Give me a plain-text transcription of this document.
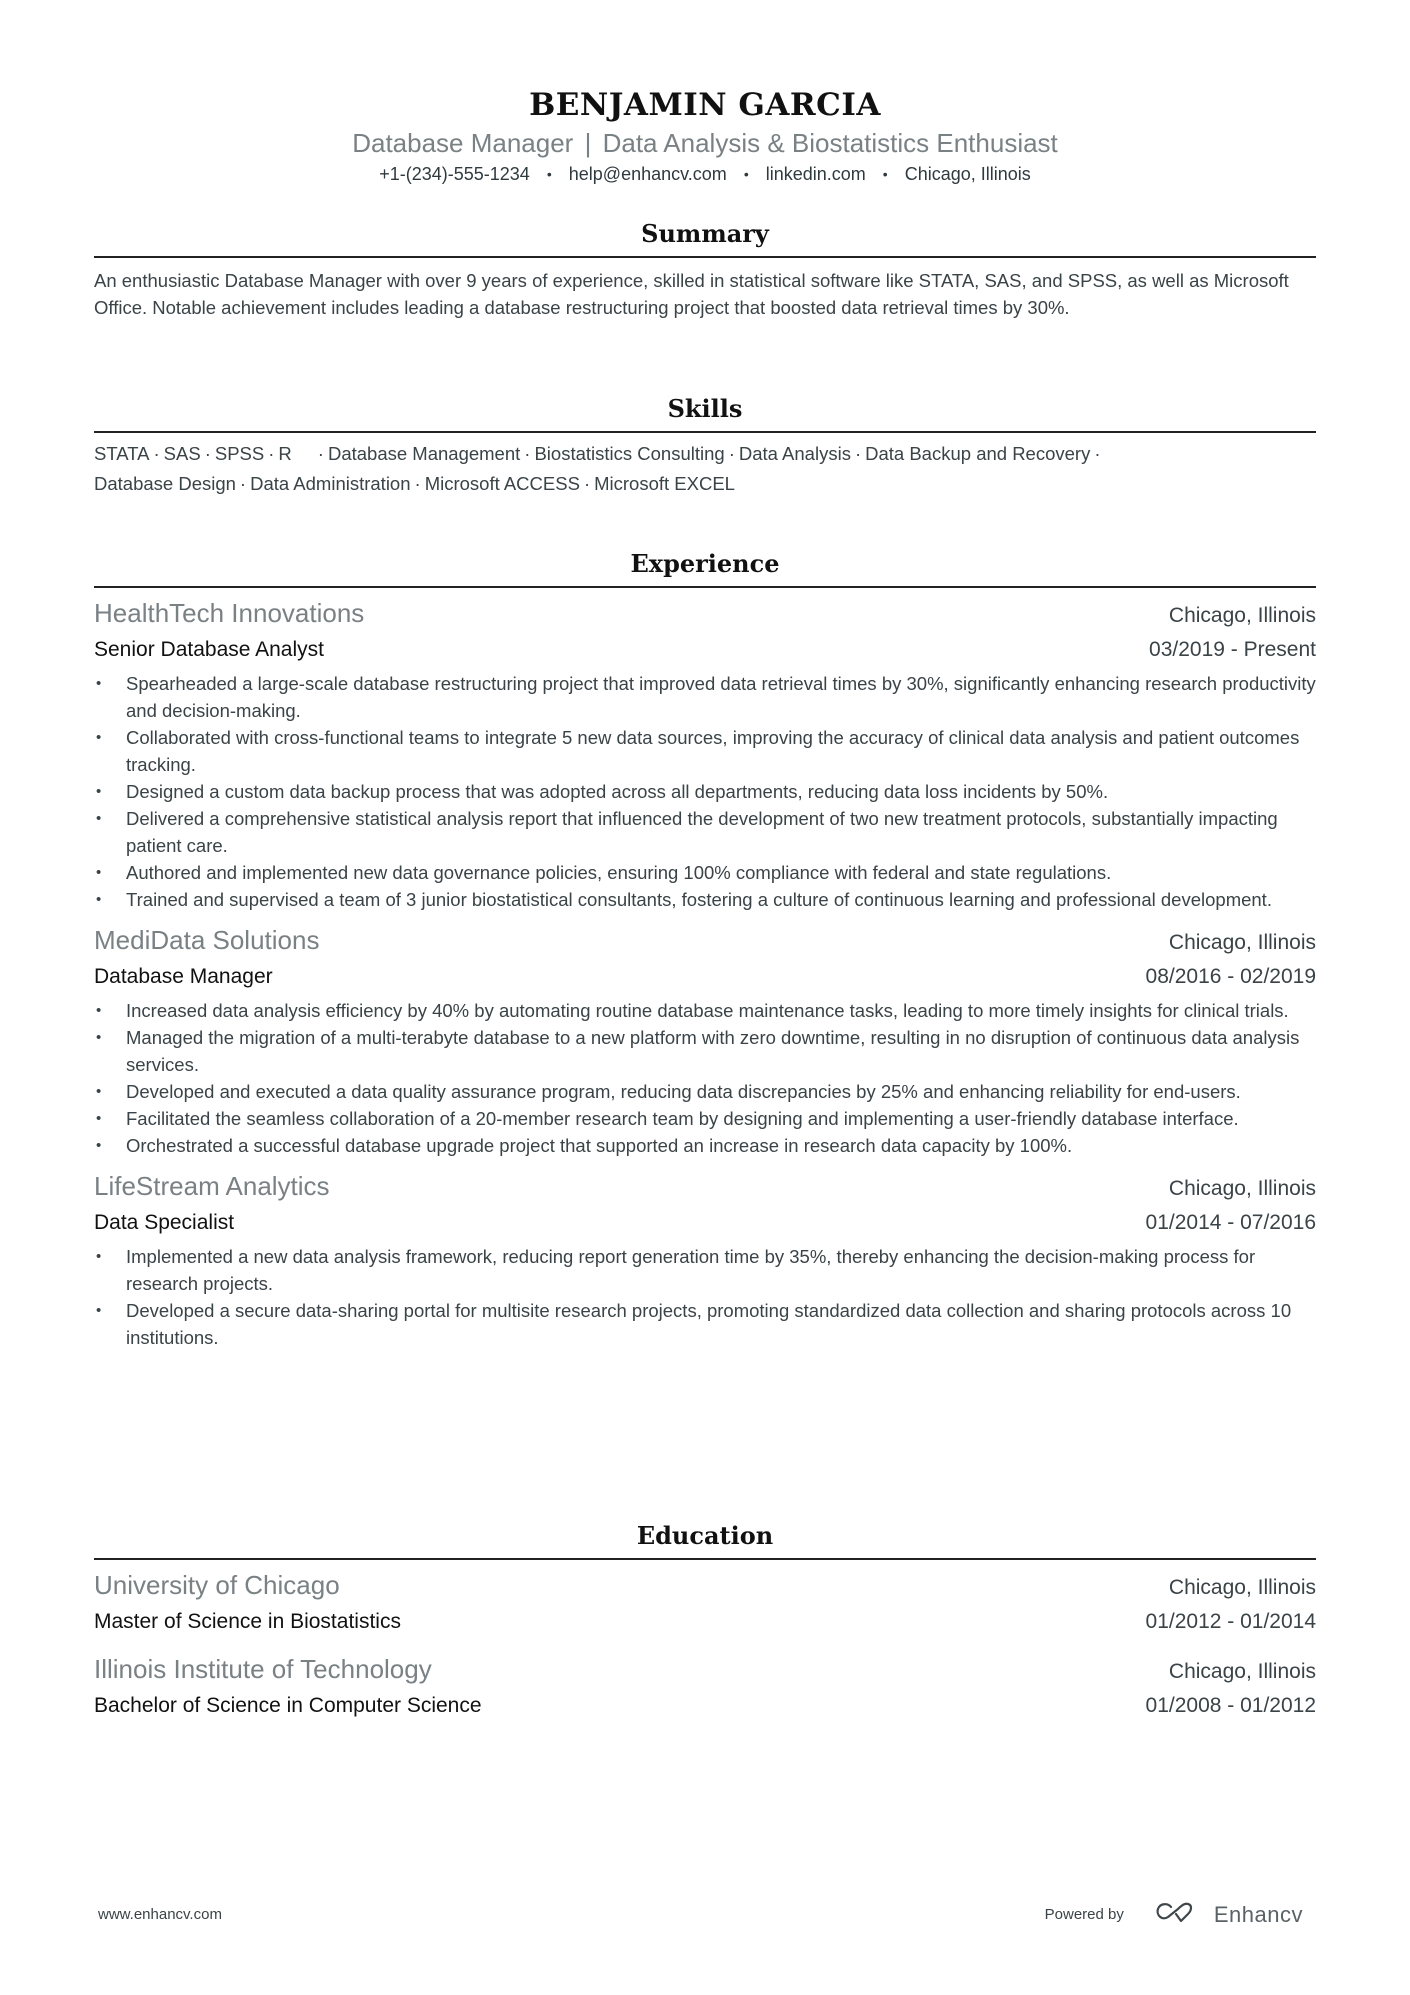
BENJAMIN GARCIA
Database Manager | Data Analysis & Biostatistics Enthusiast
+1-(234)-555-1234 • help@enhancv.com • linkedin.com • Chicago, Illinois
Summary
An enthusiastic Database Manager with over 9 years of experience, skilled in statistical software like STATA, SAS, and SPSS, as well as Microsoft Office. Notable achievement includes leading a database restructuring project that boosted data retrieval times by 30%.
Skills
STATA · SAS · SPSS · R · Database Management · Biostatistics Consulting · Data Analysis · Data Backup and Recovery ·
Database Design · Data Administration · Microsoft ACCESS · Microsoft EXCEL
Experience
HealthTech Innovations	Chicago, Illinois
Senior Database Analyst	03/2019 - Present
• Spearheaded a large-scale database restructuring project that improved data retrieval times by 30%, significantly enhancing research productivity and decision-making.
• Collaborated with cross-functional teams to integrate 5 new data sources, improving the accuracy of clinical data analysis and patient outcomes tracking.
• Designed a custom data backup process that was adopted across all departments, reducing data loss incidents by 50%.
• Delivered a comprehensive statistical analysis report that influenced the development of two new treatment protocols, substantially impacting patient care.
• Authored and implemented new data governance policies, ensuring 100% compliance with federal and state regulations.
• Trained and supervised a team of 3 junior biostatistical consultants, fostering a culture of continuous learning and professional development.
MediData Solutions	Chicago, Illinois
Database Manager	08/2016 - 02/2019
• Increased data analysis efficiency by 40% by automating routine database maintenance tasks, leading to more timely insights for clinical trials.
• Managed the migration of a multi-terabyte database to a new platform with zero downtime, resulting in no disruption of continuous data analysis services.
• Developed and executed a data quality assurance program, reducing data discrepancies by 25% and enhancing reliability for end-users.
• Facilitated the seamless collaboration of a 20-member research team by designing and implementing a user-friendly database interface.
• Orchestrated a successful database upgrade project that supported an increase in research data capacity by 100%.
LifeStream Analytics	Chicago, Illinois
Data Specialist	01/2014 - 07/2016
• Implemented a new data analysis framework, reducing report generation time by 35%, thereby enhancing the decision-making process for research projects.
• Developed a secure data-sharing portal for multisite research projects, promoting standardized data collection and sharing protocols across 10 institutions.
Education
University of Chicago	Chicago, Illinois
Master of Science in Biostatistics	01/2012 - 01/2014
Illinois Institute of Technology	Chicago, Illinois
Bachelor of Science in Computer Science	01/2008 - 01/2012
www.enhancv.com	Powered by	Enhancv
